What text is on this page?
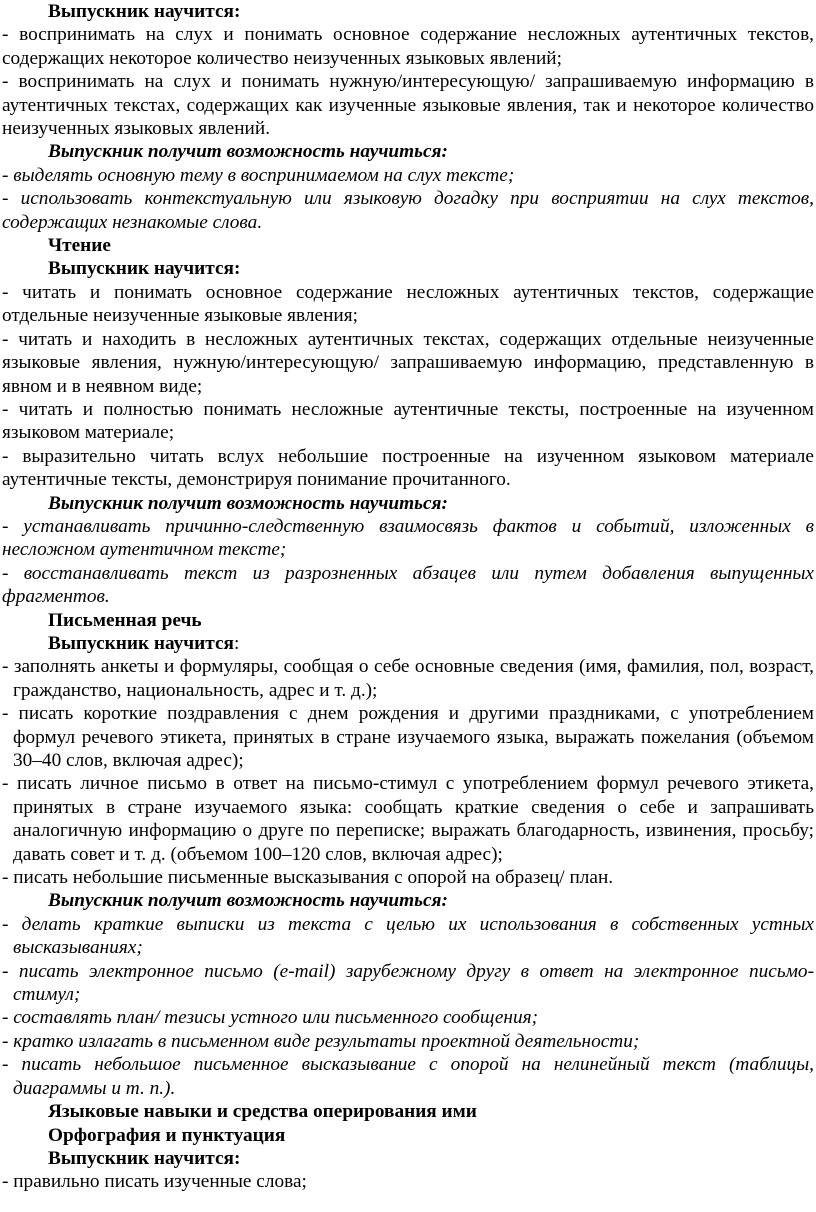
Выпускник научится:
- воспринимать на слух и понимать основное содержание несложных аутентичных текстов, содержащих некоторое количество неизученных языковых явлений;
- воспринимать на слух и понимать нужную/интересующую/ запрашиваемую информацию в аутентичных текстах, содержащих как изученные языковые явления, так и некоторое количество неизученных языковых явлений.
Выпускник получит возможность научиться:
- выделять основную тему в воспринимаемом на слух тексте;
- использовать контекстуальную или языковую догадку при восприятии на слух текстов, содержащих незнакомые слова.
Чтение
Выпускник научится:
- читать и понимать основное содержание несложных аутентичных текстов, содержащие отдельные неизученные языковые явления;
- читать и находить в несложных аутентичных текстах, содержащих отдельные неизученные языковые явления, нужную/интересующую/ запрашиваемую информацию, представленную в явном и в неявном виде;
- читать и полностью понимать несложные аутентичные тексты, построенные на изученном языковом материале;
- выразительно читать вслух небольшие построенные на изученном языковом материале аутентичные тексты, демонстрируя понимание прочитанного.
Выпускник получит возможность научиться:
- устанавливать причинно-следственную взаимосвязь фактов и событий, изложенных в несложном аутентичном тексте;
- восстанавливать текст из разрозненных абзацев или путем добавления выпущенных фрагментов.
Письменная речь
Выпускник научится:
- заполнять анкеты и формуляры, сообщая о себе основные сведения (имя, фамилия, пол, возраст, гражданство, национальность, адрес и т. д.);
- писать короткие поздравления с днем рождения и другими праздниками, с употреблением формул речевого этикета, принятых в стране изучаемого языка, выражать пожелания (объемом 30–40 слов, включая адрес);
- писать личное письмо в ответ на письмо-стимул с употреблением формул речевого этикета, принятых в стране изучаемого языка: сообщать краткие сведения о себе и запрашивать аналогичную информацию о друге по переписке; выражать благодарность, извинения, просьбу; давать совет и т. д. (объемом 100–120 слов, включая адрес);
- писать небольшие письменные высказывания с опорой на образец/ план.
Выпускник получит возможность научиться:
- делать краткие выписки из текста с целью их использования в собственных устных высказываниях;
- писать электронное письмо (e-mail) зарубежному другу в ответ на электронное письмо-стимул;
- составлять план/ тезисы устного или письменного сообщения;
- кратко излагать в письменном виде результаты проектной деятельности;
- писать небольшое письменное высказывание с опорой на нелинейный текст (таблицы, диаграммы и т. п.).
Языковые навыки и средства оперирования ими
Орфография и пунктуация
Выпускник научится:
- правильно писать изученные слова;
